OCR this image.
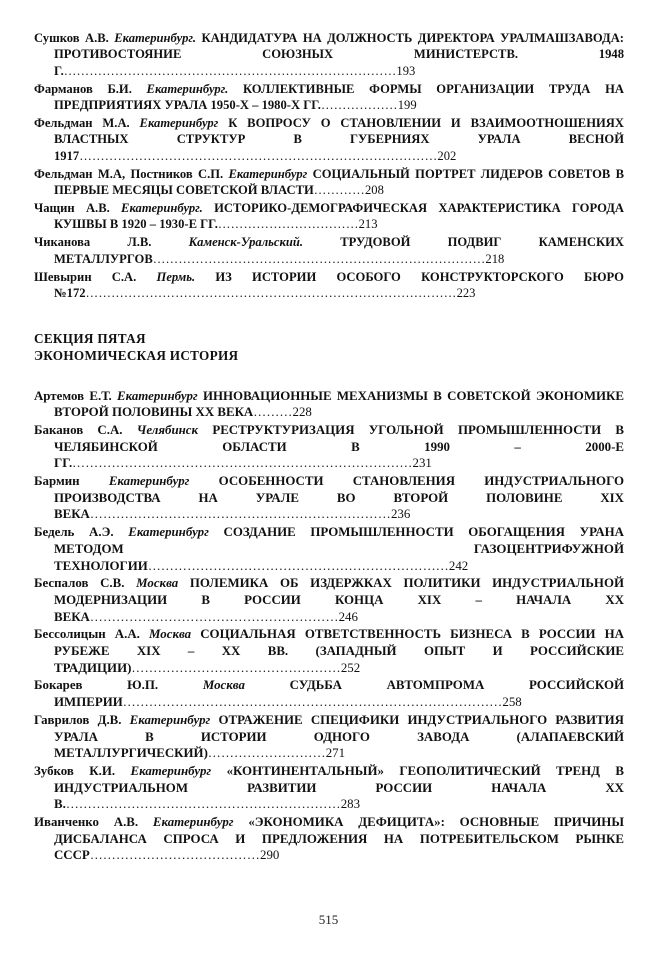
Сушков А.В. Екатеринбург. КАНДИДАТУРА НА ДОЛЖНОСТЬ ДИРЕКТОРА УРАЛМАШЗАВОДА: ПРОТИВОСТОЯНИЕ СОЮЗНЫХ МИНИСТЕРСТВ. 1948 Г.……………………………………………………………………193

Фарманов Б.И. Екатеринбург. КОЛЛЕКТИВНЫЕ ФОРМЫ ОРГАНИЗАЦИИ ТРУДА НА ПРЕДПРИЯТИЯХ УРАЛА 1950-Х – 1980-Х ГГ.………………199

Фельдман М.А. Екатеринбург К ВОПРОСУ О СТАНОВЛЕНИИ И ВЗАИМООТНОШЕНИЯХ ВЛАСТНЫХ СТРУКТУР В ГУБЕРНИЯХ УРАЛА ВЕСНОЙ 1917…………………………………………………………………………202

Фельдман М.А, Постников С.П. Екатеринбург СОЦИАЛЬНЫЙ ПОРТРЕТ ЛИДЕРОВ СОВЕТОВ В ПЕРВЫЕ МЕСЯЦЫ СОВЕТСКОЙ ВЛАСТИ…………208

Чащин А.В. Екатеринбург. ИСТОРИКО-ДЕМОГРАФИЧЕСКАЯ ХАРАКТЕРИСТИКА ГОРОДА КУШВЫ В 1920 – 1930-Е ГГ.……………………………213

Чиканова Л.В.	Каменск-Уральский.	ТРУДОВОЙ ПОДВИГ КАМЕНСКИХ МЕТАЛЛУРГОВ……………………………………………………………………218

Шевырин С.А. Пермь. ИЗ ИСТОРИИ ОСОБОГО КОНСТРУКТОРСКОГО БЮРО №172……………………………………………………………………………223

СЕКЦИЯ ПЯТАЯ
ЭКОНОМИЧЕСКАЯ ИСТОРИЯ

Артемов Е.Т. Екатеринбург ИННОВАЦИОННЫЕ МЕХАНИЗМЫ В СОВЕТСКОЙ ЭКОНОМИКЕ ВТОРОЙ ПОЛОВИНЫ ХХ ВЕКА………228

Баканов С.А. Челябинск РЕСТРУКТУРИЗАЦИЯ УГОЛЬНОЙ ПРОМЫШЛЕННОСТИ В ЧЕЛЯБИНСКОЙ ОБЛАСТИ В 1990 – 2000-Е ГГ.……………………………………………………………………231

Бармин Екатеринбург ОСОБЕННОСТИ СТАНОВЛЕНИЯ ИНДУСТРИАЛЬНОГО ПРОИЗВОДСТВА НА УРАЛЕ ВО ВТОРОЙ ПОЛОВИНЕ XIX ВЕКА……………………………………………………………236

Бедель А.Э. Екатеринбург СОЗДАНИЕ ПРОМЫШЛЕННОСТИ ОБОГАЩЕНИЯ УРАНА МЕТОДОМ ГАЗОЦЕНТРИФУЖНОЙ ТЕХНОЛОГИИ……………………………………………………………242

Беспалов С.В. Москва ПОЛЕМИКА ОБ ИЗДЕРЖКАХ ПОЛИТИКИ ИНДУСТРИАЛЬНОЙ МОДЕРНИЗАЦИИ В РОССИИ КОНЦА XIX – НАЧАЛА ХХ ВЕКА…………………………………………………246

Бессолицын А.А. Москва СОЦИАЛЬНАЯ ОТВЕТСТВЕННОСТЬ БИЗНЕСА В РОССИИ НА РУБЕЖЕ XIX – XX ВВ. (ЗАПАДНЫЙ ОПЫТ И РОССИЙСКИЕ ТРАДИЦИИ)…………………………………………252

Бокарев Ю.П.	Москва	СУДЬБА АВТОМПРОМА РОССИЙСКОЙ ИМПЕРИИ……………………………………………………………………………258

Гаврилов Д.В. Екатеринбург ОТРАЖЕНИЕ СПЕЦИФИКИ ИНДУСТРИАЛЬНОГО РАЗВИТИЯ УРАЛА В ИСТОРИИ ОДНОГО ЗАВОДА (АЛАПАЕВСКИЙ МЕТАЛЛУРГИЧЕСКИЙ)………………………271

Зубков К.И. Екатеринбург «КОНТИНЕНТАЛЬНЫЙ» ГЕОПОЛИТИЧЕСКИЙ ТРЕНД В ИНДУСТРИАЛЬНОМ РАЗВИТИИ РОССИИ НАЧАЛА ХХ В.………………………………………………………283

Иванченко А.В. Екатеринбург «ЭКОНОМИКА ДЕФИЦИТА»: ОСНОВНЫЕ ПРИЧИНЫ ДИСБАЛАНСА СПРОСА И ПРЕДЛОЖЕНИЯ НА ПОТРЕБИТЕЛЬСКОМ РЫНКЕ СССР…………………………………290

515
